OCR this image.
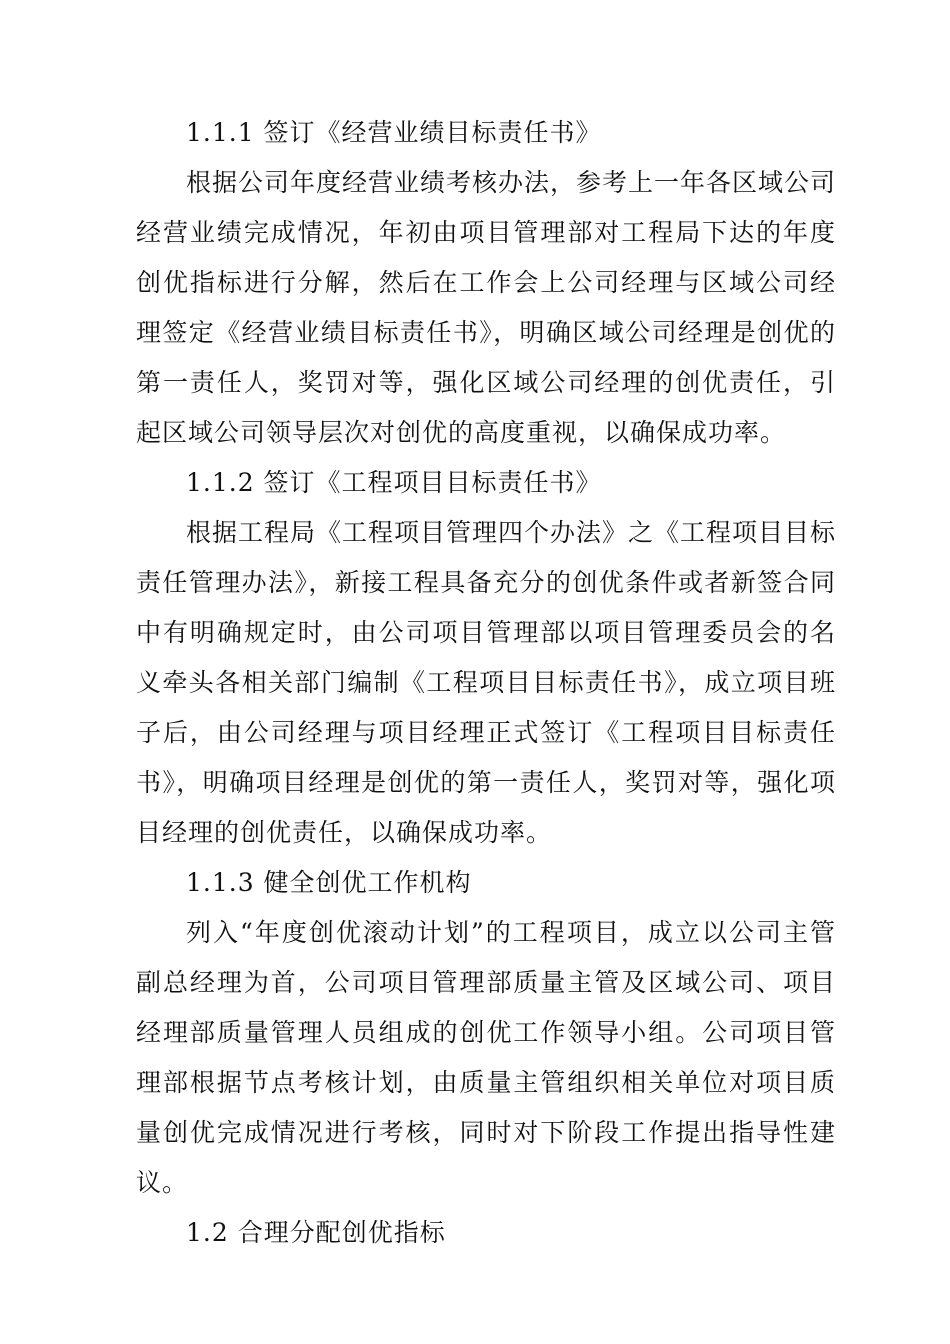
1.1.1 签订《经营业绩目标责任书》

根据公司年度经营业绩考核办法，参考上一年各区域公司经营业绩完成情况，年初由项目管理部对工程局下达的年度创优指标进行分解，然后在工作会上公司经理与区域公司经理签定《经营业绩目标责任书》，明确区域公司经理是创优的第一责任人，奖罚对等，强化区域公司经理的创优责任，引起区域公司领导层次对创优的高度重视，以确保成功率。

1.1.2 签订《工程项目目标责任书》

根据工程局《工程项目管理四个办法》之《工程项目目标责任管理办法》，新接工程具备充分的创优条件或者新签合同中有明确规定时，由公司项目管理部以项目管理委员会的名义牵头各相关部门编制《工程项目目标责任书》，成立项目班子后，由公司经理与项目经理正式签订《工程项目目标责任书》，明确项目经理是创优的第一责任人，奖罚对等，强化项目经理的创优责任，以确保成功率。

1.1.3 健全创优工作机构

列入“年度创优滚动计划”的工程项目，成立以公司主管副总经理为首，公司项目管理部质量主管及区域公司、项目经理部质量管理人员组成的创优工作领导小组。公司项目管理部根据节点考核计划，由质量主管组织相关单位对项目质量创优完成情况进行考核，同时对下阶段工作提出指导性建议。

1.2 合理分配创优指标
